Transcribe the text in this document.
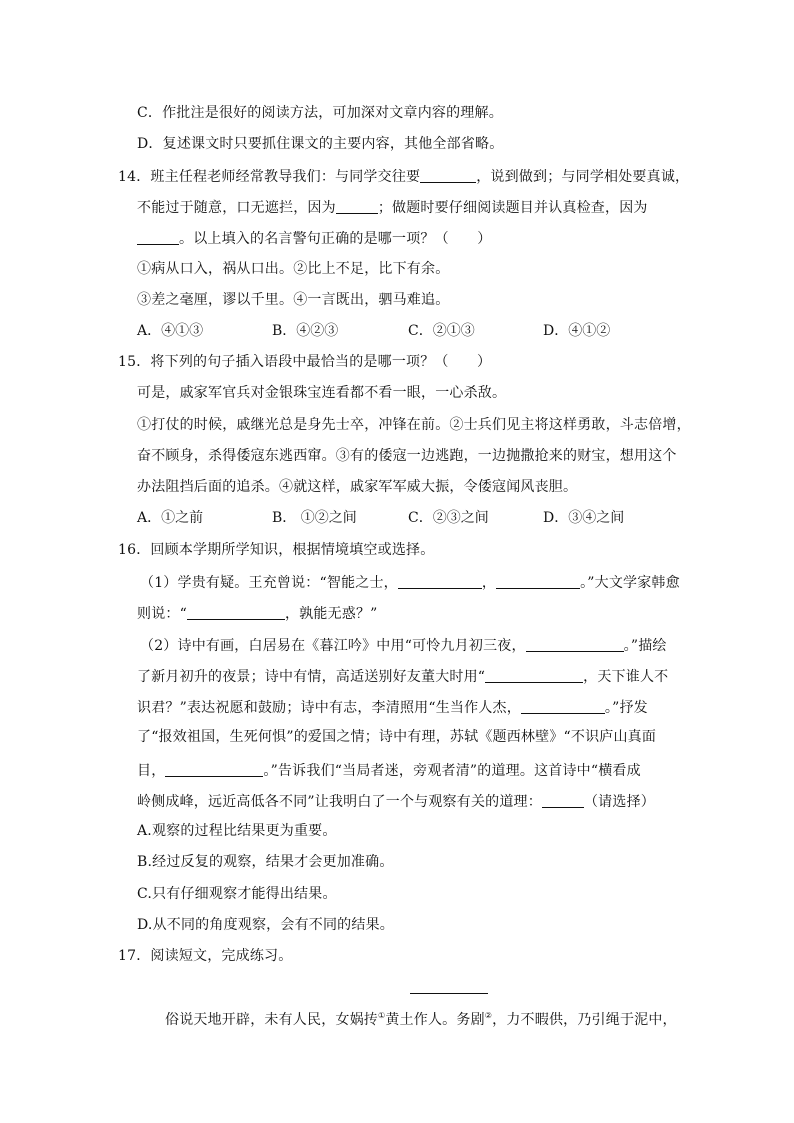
C．作批注是很好的阅读方法，可加深对文章内容的理解。
D．复述课文时只要抓住课文的主要内容，其他全部省略。
14．班主任程老师经常教导我们：与同学交往要	，说到做到；与同学相处要真诚，
不能过于随意，口无遮拦，因为	；做题时要仔细阅读题目并认真检查，因为
。以上填入的名言警句正确的是哪一项？（　　）
①病从口入，祸从口出。②比上不足，比下有余。
③差之毫厘，谬以千里。④一言既出，驷马难追。
A．④①③	B．④②③	C．②①③	D．④①②
15．将下列的句子插入语段中最恰当的是哪一项？（　　）
可是，戚家军官兵对金银珠宝连看都不看一眼，一心杀敌。
①打仗的时候，戚继光总是身先士卒，冲锋在前。②士兵们见主将这样勇敢，斗志倍增，
奋不顾身，杀得倭寇东逃西窜。③有的倭寇一边逃跑，一边抛撒抢来的财宝，想用这个
办法阻挡后面的追杀。④就这样，戚家军军威大振，令倭寇闻风丧胆。
A．①之前	B． ①②之间	C．②③之间	D．③④之间
16．回顾本学期所学知识，根据情境填空或选择。
（1）学贵有疑。王充曾说：“智能之士，	，	。”大文学家韩愈
则说：“	，孰能无惑？”
（2）诗中有画，白居易在《暮江吟》中用“可怜九月初三夜，	。”描绘
了新月初升的夜景；诗中有情，高适送别好友董大时用“	，天下谁人不
识君？”表达祝愿和鼓励；诗中有志，李清照用“生当作人杰，	。”抒发
了“报效祖国，生死何惧”的爱国之情；诗中有理，苏轼《题西林壁》“不识庐山真面
目，	。”告诉我们“当局者迷，旁观者清”的道理。这首诗中“横看成
岭侧成峰，远近高低各不同”让我明白了一个与观察有关的道理：	（请选择）
A.观察的过程比结果更为重要。
B.经过反复的观察，结果才会更加准确。
C.只有仔细观察才能得出结果。
D.从不同的角度观察，会有不同的结果。
17．阅读短文，完成练习。
俗说天地开辟，未有人民，女娲抟①黄土作人。务剧②，力不暇供，乃引绳于泥中，
